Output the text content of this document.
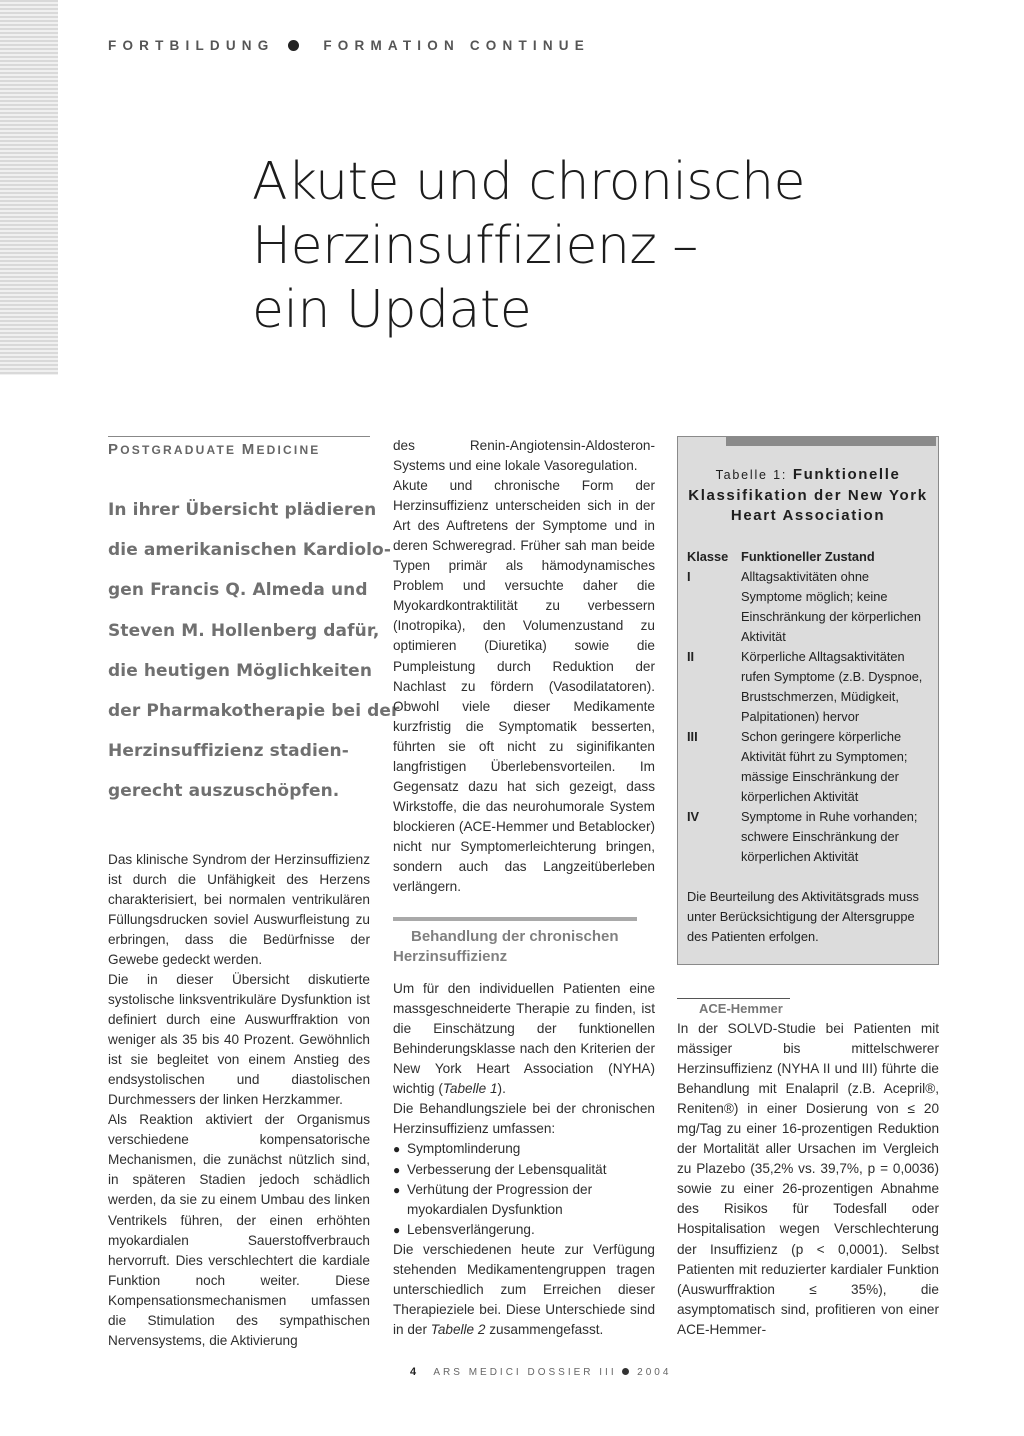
FORTBILDUNG	FORMATION CONTINUE
Akute und chronische
Herzinsuffizienz –
ein Update
POSTGRADUATE MEDICINE
In ihrer Übersicht plädieren
die amerikanischen Kardiolo-
gen Francis Q. Almeda und
Steven M. Hollenberg dafür,
die heutigen Möglichkeiten
der Pharmakotherapie bei der
Herzinsuffizienz stadien-
gerecht auszuschöpfen.

Das klinische Syndrom der Herzinsuffizienz ist durch die Unfähigkeit des Herzens charakterisiert, bei normalen ventrikulären Füllungsdrucken soviel Auswurfleistung zu erbringen, dass die Bedürfnisse der Gewebe gedeckt werden.

Die in dieser Übersicht diskutierte systolische linksventrikuläre Dysfunktion ist definiert durch eine Auswurffraktion von weniger als 35 bis 40 Prozent. Gewöhnlich ist sie begleitet von einem Anstieg des endsystolischen und diastolischen Durchmessers der linken Herzkammer.

Als Reaktion aktiviert der Organismus verschiedene kompensatorische Mechanismen, die zunächst nützlich sind, in späteren Stadien jedoch schädlich werden, da sie zu einem Umbau des linken Ventrikels führen, der einen erhöhten myokardialen Sauerstoffverbrauch hervorruft. Dies verschlechtert die kardiale Funktion noch weiter. Diese Kompensationsmechanismen umfassen die Stimulation des sympathischen Nervensystems, die Aktivierung

des Renin-Angiotensin-Aldosteron-Systems und eine lokale Vasoregulation.

Akute und chronische Form der Herzinsuffizienz unterscheiden sich in der Art des Auftretens der Symptome und in deren Schweregrad. Früher sah man beide Typen primär als hämodynamisches Problem und versuchte daher die Myokardkontraktilität zu verbessern (Inotropika), den Volumenzustand zu optimieren (Diuretika) sowie die Pumpleistung durch Reduktion der Nachlast zu fördern (Vasodilatatoren). Obwohl viele dieser Medikamente kurzfristig die Symptomatik besserten, führten sie oft nicht zu siginifikanten langfristigen Überlebensvorteilen. Im Gegensatz dazu hat sich gezeigt, dass Wirkstoffe, die das neurohumorale System blockieren (ACE-Hemmer und Betablocker) nicht nur Symptomerleichterung bringen, sondern auch das Langzeitüberleben verlängern.

Behandlung der chronischen
Herzinsuffizienz

Um für den individuellen Patienten eine massgeschneiderte Therapie zu finden, ist die Einschätzung der funktionellen Behinderungsklasse nach den Kriterien der New York Heart Association (NYHA) wichtig (Tabelle 1).

Die Behandlungsziele bei der chronischen Herzinsuffizienz umfassen:

● Symptomlinderung
● Verbesserung der Lebensqualität
● Verhütung der Progression der myokardialen Dysfunktion
● Lebensverlängerung.

Die verschiedenen heute zur Verfügung stehenden Medikamentengruppen tragen unterschiedlich zum Erreichen dieser Therapieziele bei. Diese Unterschiede sind in der Tabelle 2 zusammengefasst.

Tabelle 1: Funktionelle Klassifikation der New York Heart Association
Klasse Funktioneller Zustand
I	Alltagsaktivitäten ohne Symptome möglich; keine Einschränkung der körperlichen Aktivität
II	Körperliche Alltagsaktivitäten rufen Symptome (z.B. Dyspnoe, Brustschmerzen, Müdigkeit, Palpitationen) hervor
III	Schon geringere körperliche Aktivität führt zu Symptomen; mässige Einschränkung der körperlichen Aktivität
IV	Symptome in Ruhe vorhanden; schwere Einschränkung der körperlichen Aktivität
Die Beurteilung des Aktivitätsgrads muss unter Berücksichtigung der Altersgruppe des Patienten erfolgen.
ACE-Hemmer

In der SOLVD-Studie bei Patienten mit mässiger bis mittelschwerer Herzinsuffizienz (NYHA II und III) führte die Behandlung mit Enalapril (z.B. Acepril®, Reniten®) in einer Dosierung von ≤ 20 mg/Tag zu einer 16-prozentigen Reduktion der Mortalität aller Ursachen im Vergleich zu Plazebo (35,2% vs. 39,7%, p = 0,0036) sowie zu einer 26-prozentigen Abnahme des Risikos für Todesfall oder Hospitalisation wegen Verschlechterung der Insuffizienz (p < 0,0001). Selbst Patienten mit reduzierter kardialer Funktion (Auswurffraktion ≤ 35%), die asymptomatisch sind, profitieren von einer ACE-Hemmer-

4 ARS MEDICI DOSSIER III 2004
